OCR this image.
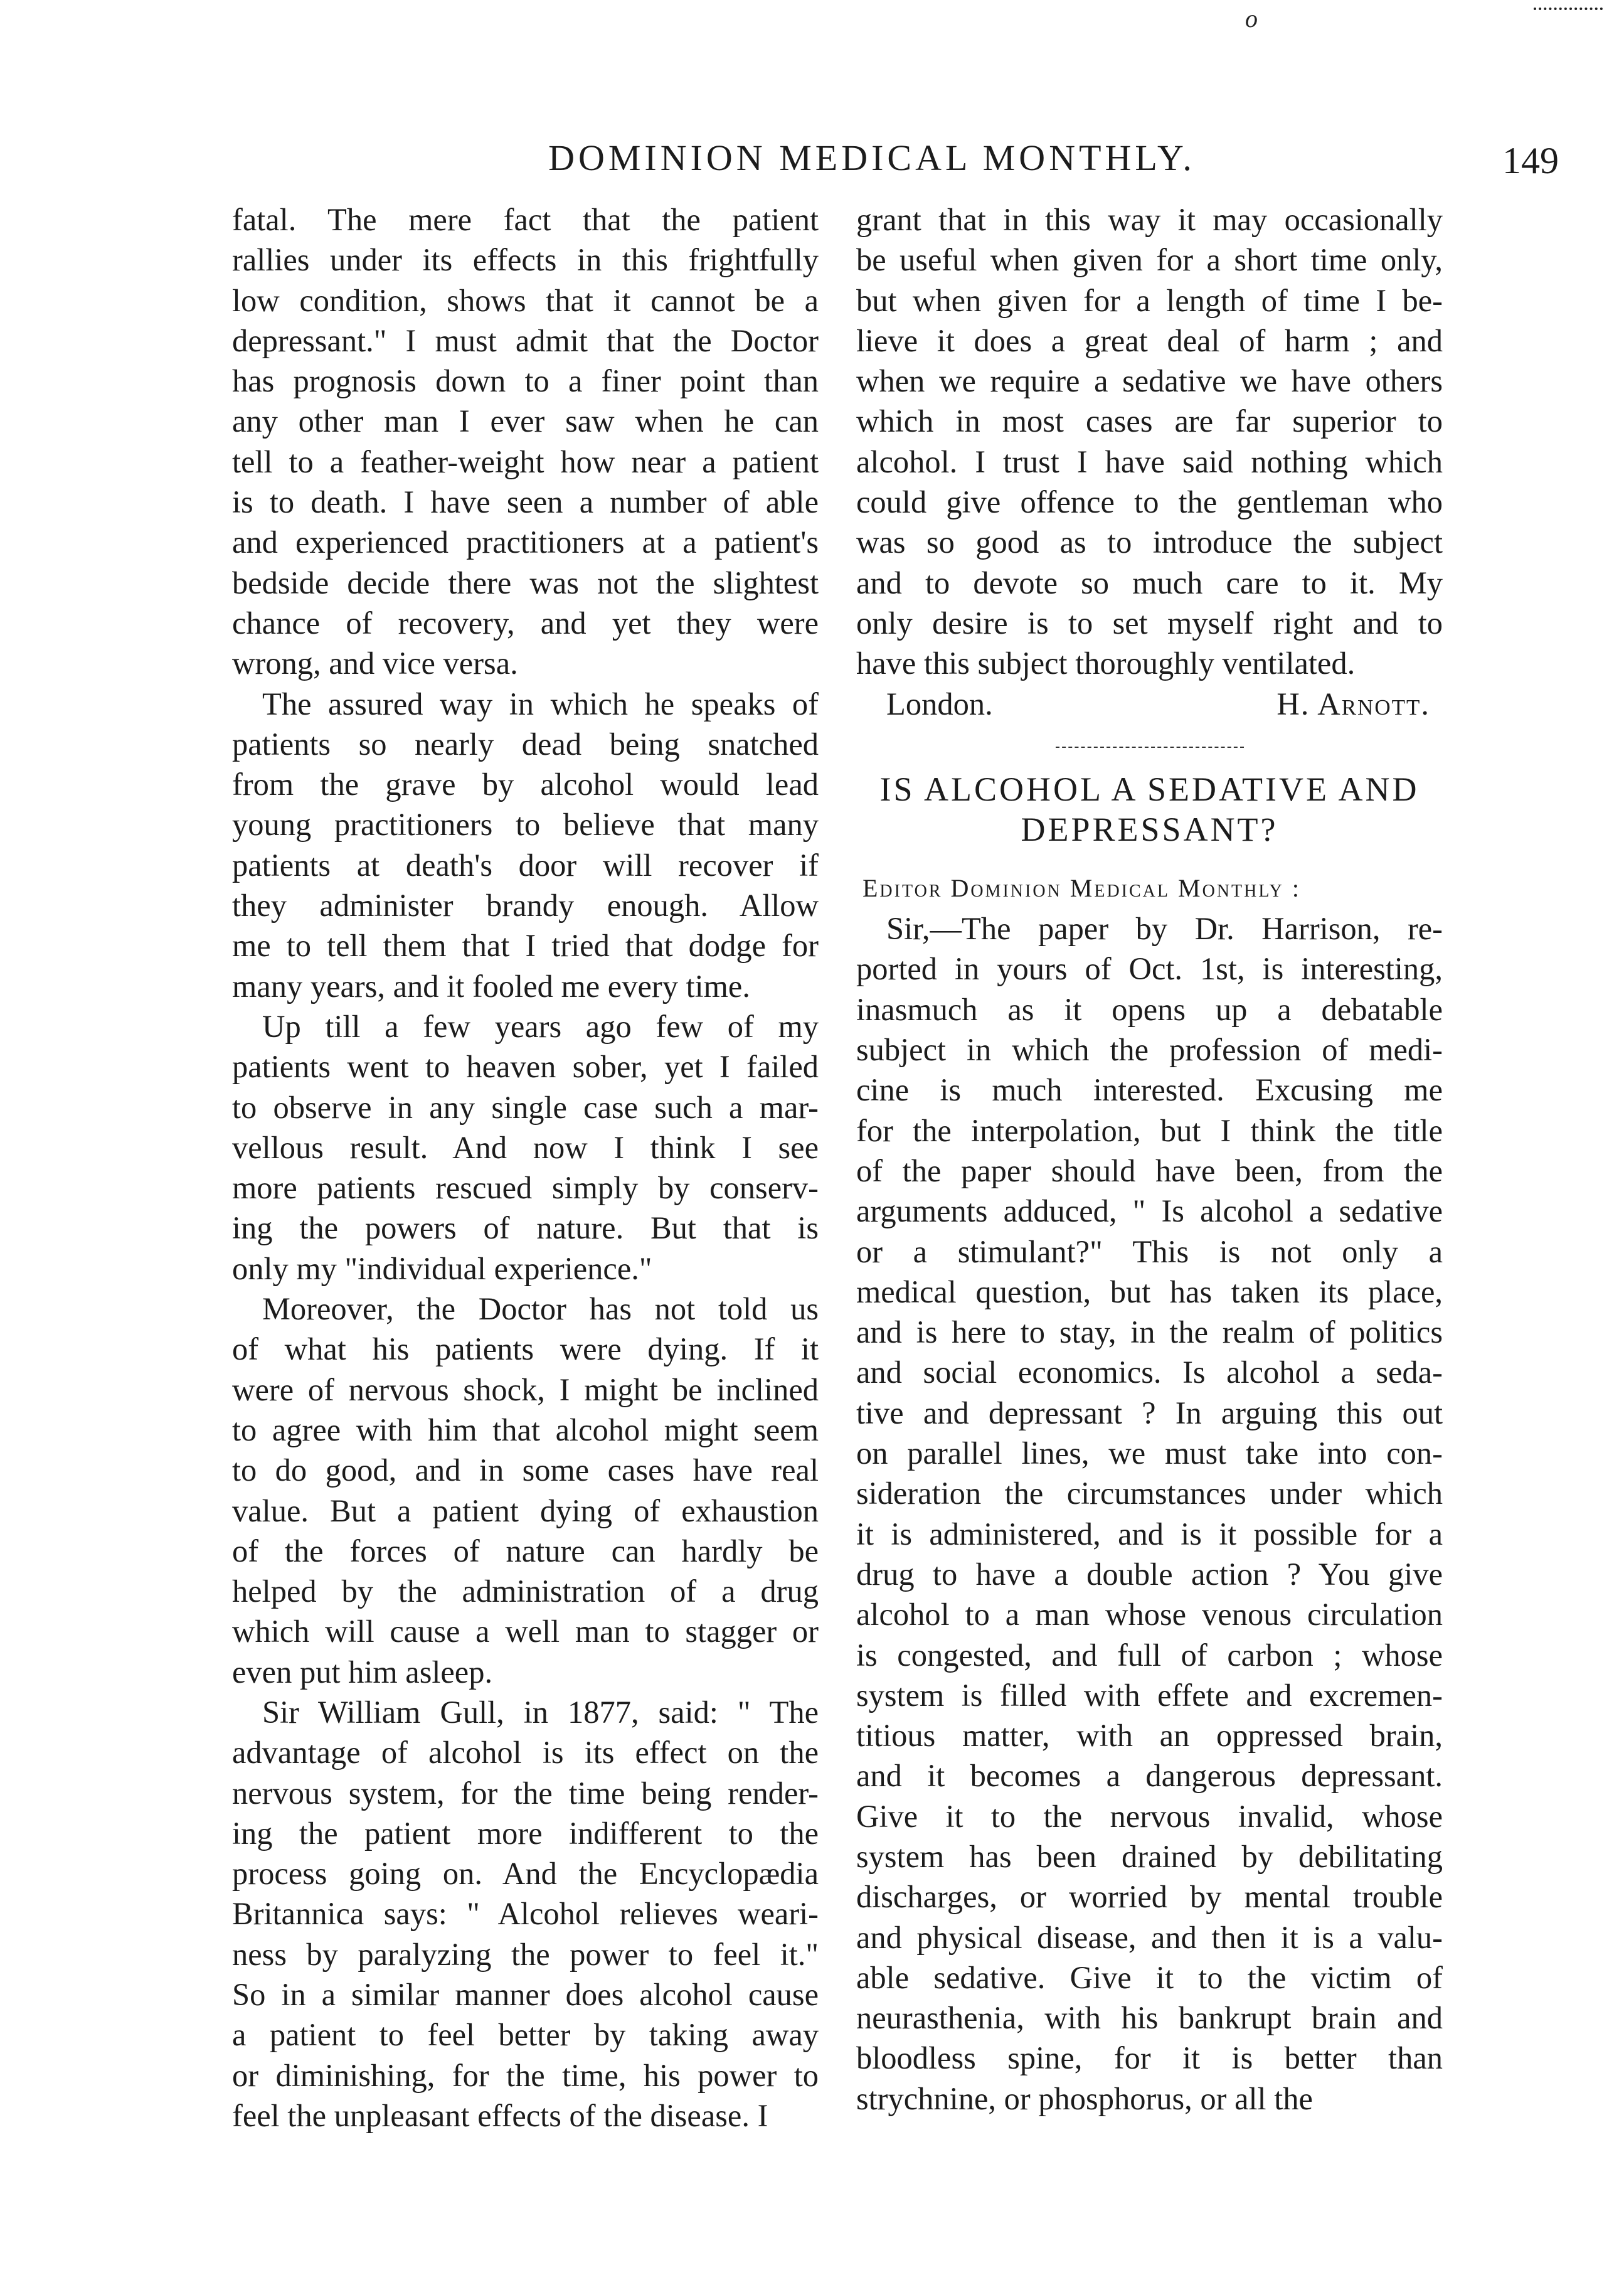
o
DOMINION MEDICAL MONTHLY.	149

fatal. The mere fact that the patient
rallies under its effects in this frightfully
low condition, shows that it cannot be a
depressant." I must admit that the Doctor
has prognosis down to a finer point than
any other man I ever saw when he can
tell to a feather-weight how near a patient
is to death. I have seen a number of able
and experienced practitioners at a patient's
bedside decide there was not the slightest
chance of recovery, and yet they were
wrong, and vice versa.

The assured way in which he speaks of
patients so nearly dead being snatched
from the grave by alcohol would lead
young practitioners to believe that many
patients at death's door will recover if
they administer brandy enough. Allow
me to tell them that I tried that dodge for
many years, and it fooled me every time.

Up till a few years ago few of my
patients went to heaven sober, yet I failed
to observe in any single case such a mar-
vellous result. And now I think I see
more patients rescued simply by conserv-
ing the powers of nature. But that is
only my "individual experience."

Moreover, the Doctor has not told us
of what his patients were dying. If it
were of nervous shock, I might be inclined
to agree with him that alcohol might seem
to do good, and in some cases have real
value. But a patient dying of exhaustion
of the forces of nature can hardly be
helped by the administration of a drug
which will cause a well man to stagger or
even put him asleep.

Sir William Gull, in 1877, said: " The
advantage of alcohol is its effect on the
nervous system, for the time being render-
ing the patient more indifferent to the
process going on. And the Encyclopædia
Britannica says: " Alcohol relieves weari-
ness by paralyzing the power to feel it."
So in a similar manner does alcohol cause
a patient to feel better by taking away
or diminishing, for the time, his power to
feel the unpleasant effects of the disease. I

grant that in this way it may occasionally
be useful when given for a short time only,
but when given for a length of time I be-
lieve it does a great deal of harm ; and
when we require a sedative we have others
which in most cases are far superior to
alcohol. I trust I have said nothing which
could give offence to the gentleman who
was so good as to introduce the subject
and to devote so much care to it. My
only desire is to set myself right and to
have this subject thoroughly ventilated.

London.	H. Arnott.
IS ALCOHOL A SEDATIVE AND
DEPRESSANT?
Editor Dominion Medical Monthly :

Sir,—The paper by Dr. Harrison, re-
ported in yours of Oct. 1st, is interesting,
inasmuch as it opens up a debatable
subject in which the profession of medi-
cine is much interested. Excusing me
for the interpolation, but I think the title
of the paper should have been, from the
arguments adduced, " Is alcohol a sedative
or a stimulant?" This is not only a
medical question, but has taken its place,
and is here to stay, in the realm of politics
and social economics. Is alcohol a seda-
tive and depressant ? In arguing this out
on parallel lines, we must take into con-
sideration the circumstances under which
it is administered, and is it possible for a
drug to have a double action ? You give
alcohol to a man whose venous circulation
is congested, and full of carbon ; whose
system is filled with effete and excremen-
titious matter, with an oppressed brain,
and it becomes a dangerous depressant.
Give it to the nervous invalid, whose
system has been drained by debilitating
discharges, or worried by mental trouble
and physical disease, and then it is a valu-
able sedative. Give it to the victim of
neurasthenia, with his bankrupt brain and
bloodless spine, for it is better than
strychnine, or phosphorus, or all the
